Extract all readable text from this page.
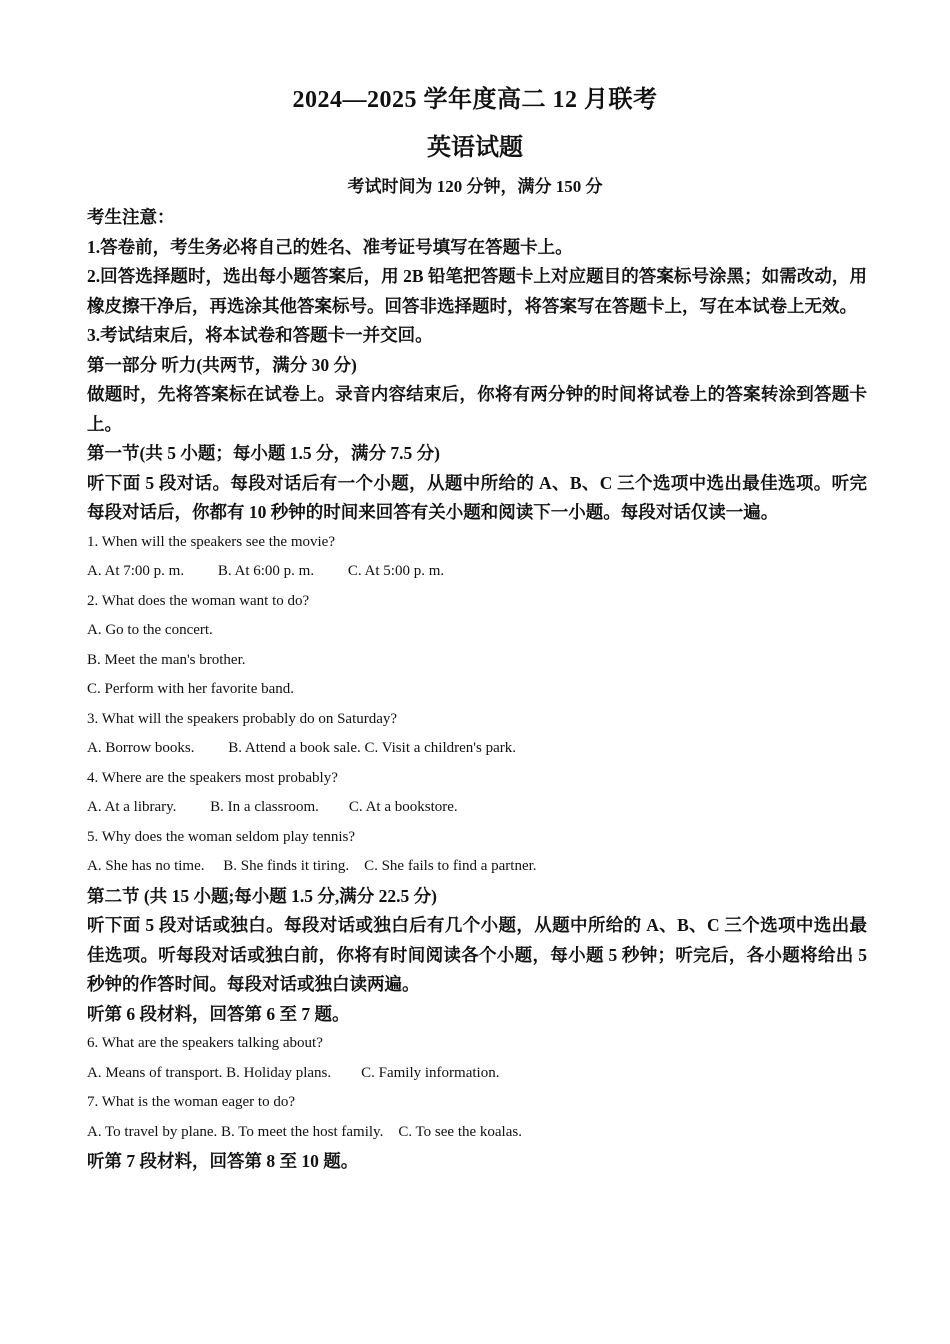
2024—2025 学年度高二 12 月联考
英语试题
考试时间为 120 分钟，满分 150 分
考生注意：
1.答卷前，考生务必将自己的姓名、准考证号填写在答题卡上。
2.回答选择题时，选出每小题答案后，用 2B 铅笔把答题卡上对应题目的答案标号涂黑；如需改动，用橡皮擦干净后，再选涂其他答案标号。回答非选择题时，将答案写在答题卡上，写在本试卷上无效。
3.考试结束后，将本试卷和答题卡一并交回。
第一部分 听力(共两节，满分 30 分)
做题时，先将答案标在试卷上。录音内容结束后，你将有两分钟的时间将试卷上的答案转涂到答题卡上。
第一节(共 5 小题；每小题 1.5 分，满分 7.5 分)
听下面 5 段对话。每段对话后有一个小题，从题中所给的 A、B、C 三个选项中选出最佳选项。听完每段对话后，你都有 10 秒钟的时间来回答有关小题和阅读下一小题。每段对话仅读一遍。
1. When will the speakers see the movie?
A. At 7:00 p. m.         B. At 6:00 p. m.         C. At 5:00 p. m.
2. What does the woman want to do?
A. Go to the concert.
B. Meet the man's brother.
C. Perform with her favorite band.
3. What will the speakers probably do on Saturday?
A. Borrow books.         B. Attend a book sale. C. Visit a children's park.
4. Where are the speakers most probably?
A. At a library.         B. In a classroom.        C. At a bookstore.
5. Why does the woman seldom play tennis?
A. She has no time.     B. She finds it tiring.    C. She fails to find a partner.
第二节 (共 15 小题;每小题 1.5 分,满分 22.5 分)
听下面 5 段对话或独白。每段对话或独白后有几个小题，从题中所给的 A、B、C 三个选项中选出最佳选项。听每段对话或独白前，你将有时间阅读各个小题，每小题 5 秒钟；听完后，各小题将给出 5 秒钟的作答时间。每段对话或独白读两遍。
听第 6 段材料，回答第 6 至 7 题。
6. What are the speakers talking about?
A. Means of transport. B. Holiday plans.        C. Family information.
7. What is the woman eager to do?
A. To travel by plane. B. To meet the host family.    C. To see the koalas.
听第 7 段材料，回答第 8 至 10 题。
